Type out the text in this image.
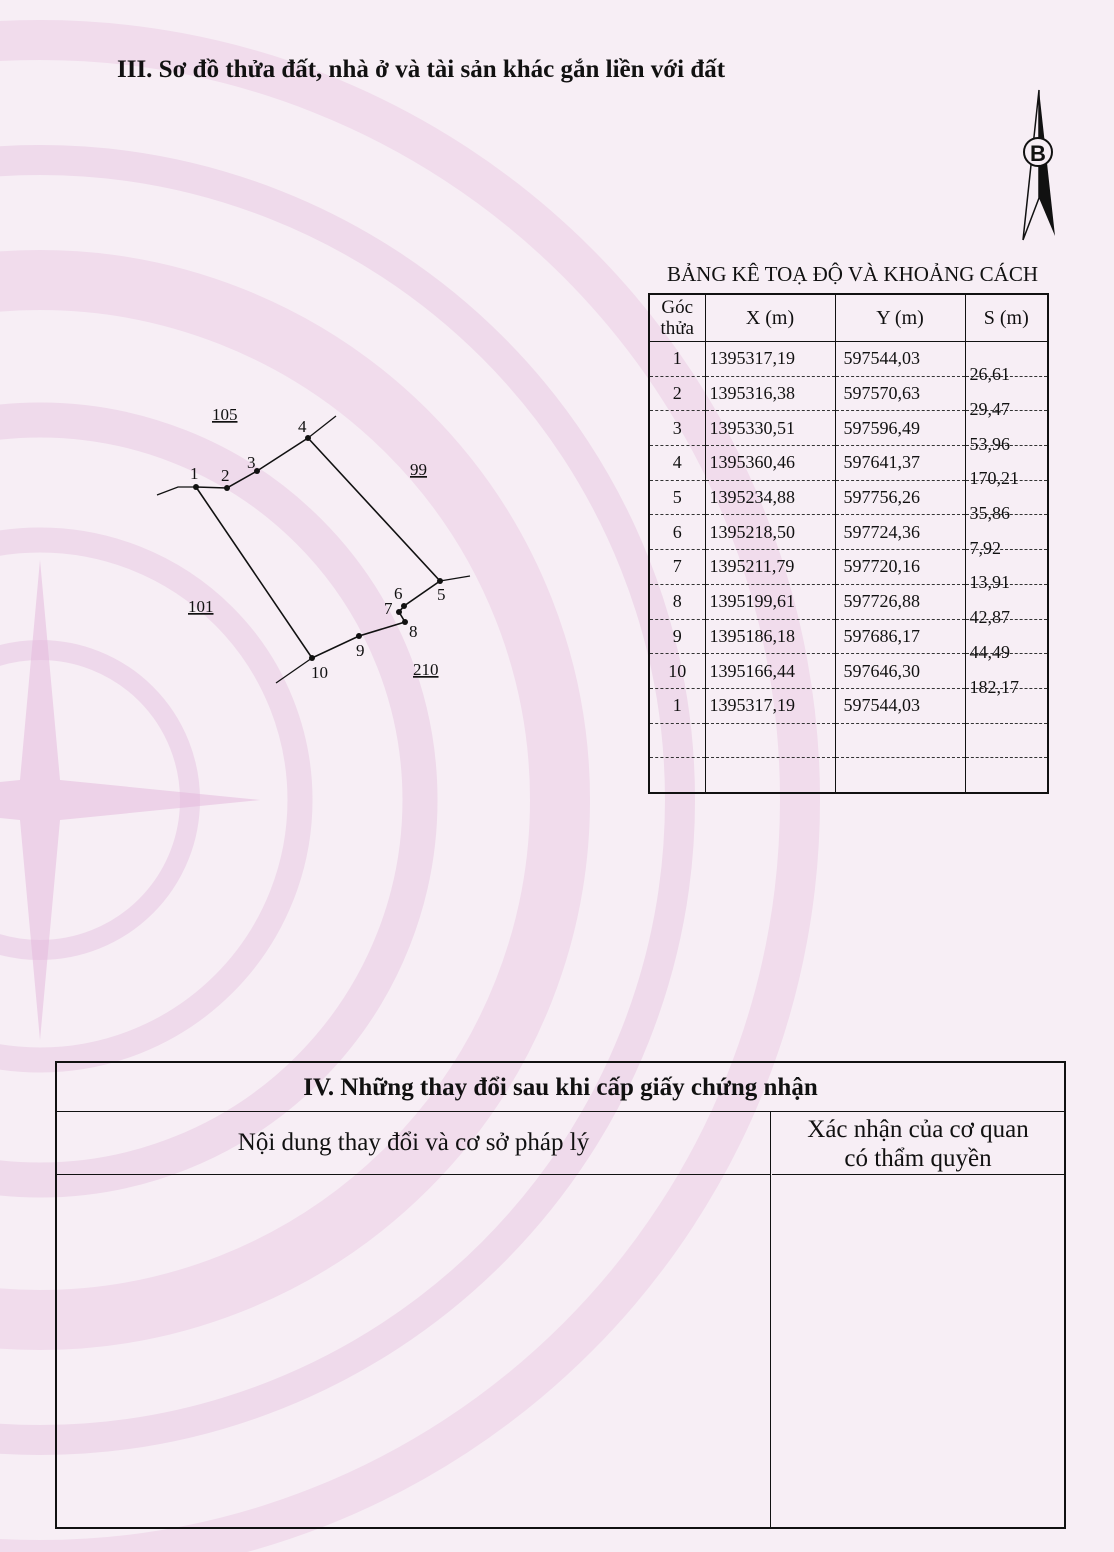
III. Sơ đồ thửa đất, nhà ở và tài sản khác gắn liền với đất
B
1 2
3
4
5
6
7
8
9
10
105
99
101
210
BẢNG KÊ TOẠ ĐỘ VÀ KHOẢNG CÁCH
Góc thửa	X (m)	Y (m)	S (m)
1	1395317,19	597544,03	26,61
2	1395316,38	597570,63	29,47
3	1395330,51	597596,49	53,96
4	1395360,46	597641,37	170,21
5	1395234,88	597756,26	35,86
6	1395218,50	597724,36	7,92
7	1395211,79	597720,16	13,91
8	1395199,61	597726,88	42,87
9	1395186,18	597686,17	44,49
10	1395166,44	597646,30	182,17
1	1395317,19	597544,03	

IV. Những thay đổi sau khi cấp giấy chứng nhận
Nội dung thay đổi và cơ sở pháp lý	Xác nhận của cơ quan
có thẩm quyền
